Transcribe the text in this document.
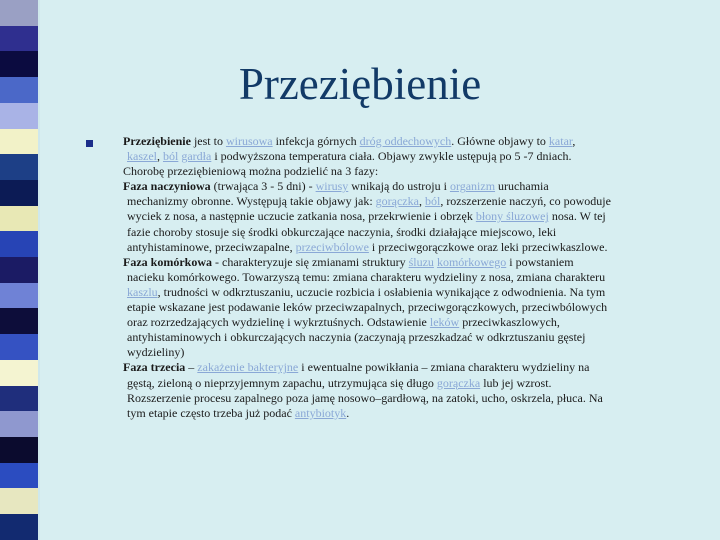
Przeziębienie
Przeziębienie jest to wirusowa infekcja górnych dróg oddechowych. Główne objawy to katar,
kaszel, ból gardła i podwyższona temperatura ciała. Objawy zwykle ustępują po 5 -7 dniach.
Chorobę przeziębieniową można podzielić na 3 fazy:
Faza naczyniowa (trwająca 3 - 5 dni) - wirusy wnikają do ustroju i organizm uruchamia
mechanizmy obronne. Występują takie objawy jak: gorączka, ból, rozszerzenie naczyń, co powoduje
wyciek z nosa, a następnie uczucie zatkania nosa, przekrwienie i obrzęk błony śluzowej nosa. W tej
fazie choroby stosuje się środki obkurczające naczynia, środki działające miejscowo, leki
antyhistaminowe, przeciwzapalne, przeciwbólowe i przeciwgorączkowe oraz leki przeciwkaszlowe.
Faza komórkowa - charakteryzuje się zmianami struktury śluzu komórkowego i powstaniem
nacieku komórkowego. Towarzyszą temu: zmiana charakteru wydzieliny z nosa, zmiana charakteru
kaszlu, trudności w odkrztuszaniu, uczucie rozbicia i osłabienia wynikające z odwodnienia. Na tym
etapie wskazane jest podawanie leków przeciwzapalnych, przeciwgorączkowych, przeciwbólowych
oraz rozrzedzających wydzielinę i wykrztuśnych. Odstawienie leków przeciwkaszlowych,
antyhistaminowych i obkurczających naczynia (zaczynają przeszkadzać w odkrztuszaniu gęstej
wydzieliny)
Faza trzecia – zakażenie bakteryjne i ewentualne powikłania – zmiana charakteru wydzieliny na
gęstą, zieloną o nieprzyjemnym zapachu, utrzymująca się długo gorączka lub jej wzrost.
Rozszerzenie procesu zapalnego poza jamę nosowo–gardłową, na zatoki, ucho, oskrzela, płuca. Na
tym etapie często trzeba już podać antybiotyk.
